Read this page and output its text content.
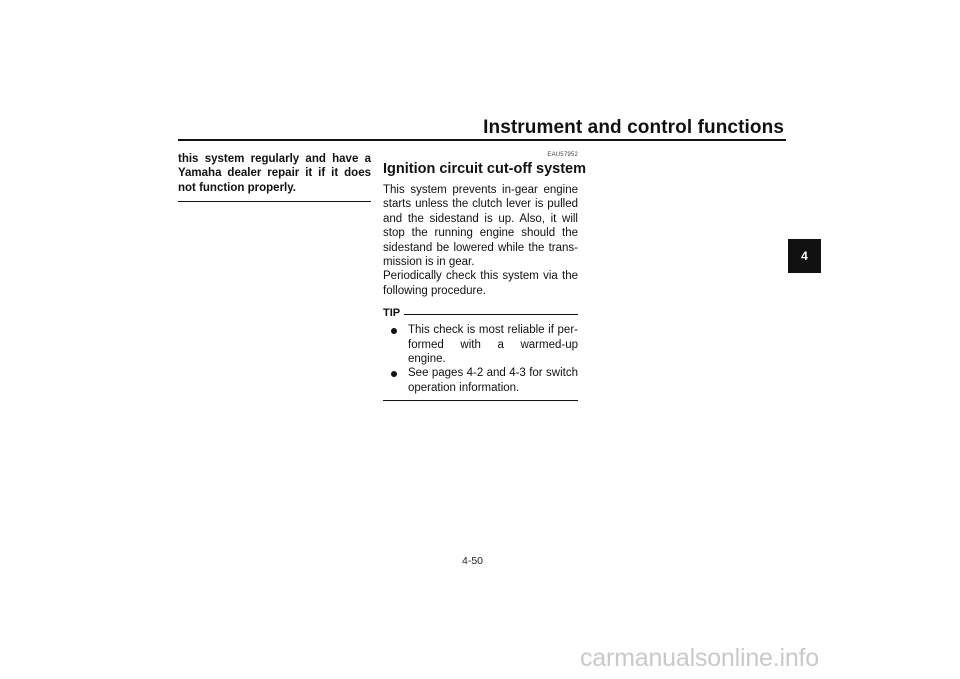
Instrument and control functions

this system regularly and have a Yamaha dealer repair it if it does not function properly.

EAU57952
Ignition circuit cut-off system

This system prevents in-gear engine starts unless the clutch lever is pulled and the sidestand is up. Also, it will stop the running engine should the sidestand be lowered while the trans-mission is in gear.

Periodically check this system via the following procedure.

TIP
This check is most reliable if per-formed with a warmed-up engine.
See pages 4-2 and 4-3 for switch operation information.
4
4-50
carmanualsonline.info
